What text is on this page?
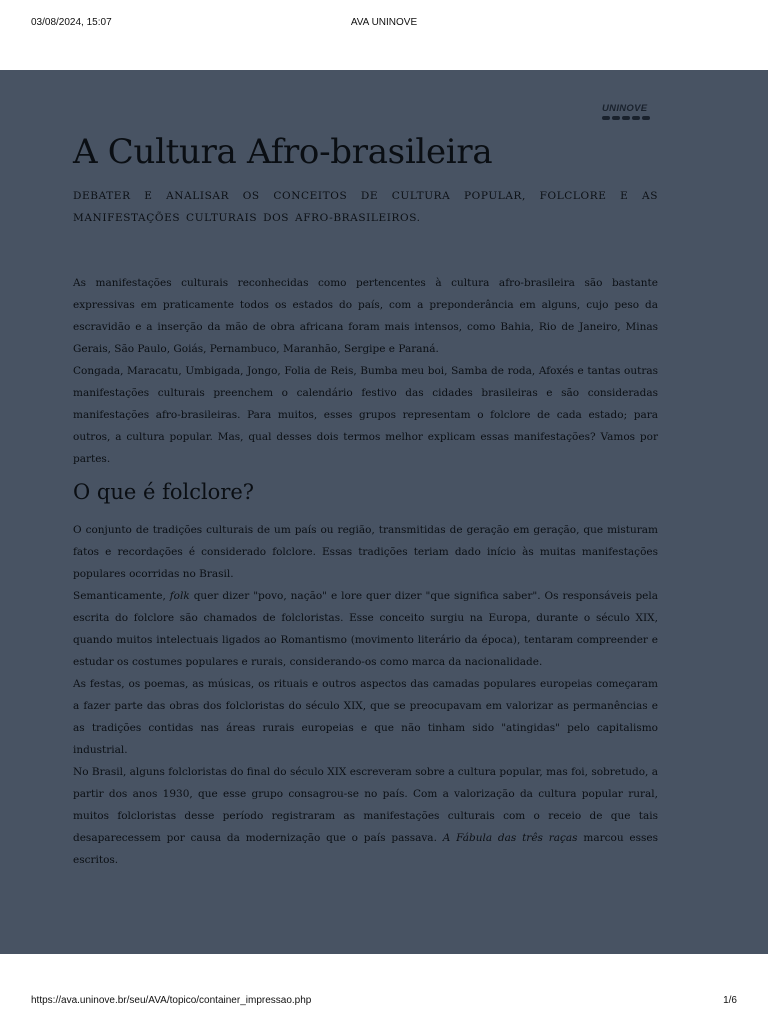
03/08/2024, 15:07	AVA UNINOVE
UNINOVE
A Cultura Afro-brasileira

DEBATER E ANALISAR OS CONCEITOS DE CULTURA POPULAR, FOLCLORE E AS MANIFESTAÇÕES CULTURAIS DOS AFRO-BRASILEIROS.

As manifestações culturais reconhecidas como pertencentes à cultura afro-brasileira são bastante expressivas em praticamente todos os estados do país, com a preponderância em alguns, cujo peso da escravidão e a inserção da mão de obra africana foram mais intensos, como Bahia, Rio de Janeiro, Minas Gerais, São Paulo, Goiás, Pernambuco, Maranhão, Sergipe e Paraná.

Congada, Maracatu, Umbigada, Jongo, Folia de Reis, Bumba meu boi, Samba de roda, Afoxés e tantas outras manifestações culturais preenchem o calendário festivo das cidades brasileiras e são consideradas manifestações afro-brasileiras. Para muitos, esses grupos representam o folclore de cada estado; para outros, a cultura popular. Mas, qual desses dois termos melhor explicam essas manifestações? Vamos por partes.

O que é folclore?

O conjunto de tradições culturais de um país ou região, transmitidas de geração em geração, que misturam fatos e recordações é considerado folclore. Essas tradições teriam dado início às muitas manifestações populares ocorridas no Brasil.

Semanticamente, folk quer dizer "povo, nação" e lore quer dizer "que significa saber". Os responsáveis pela escrita do folclore são chamados de folcloristas. Esse conceito surgiu na Europa, durante o século XIX, quando muitos intelectuais ligados ao Romantismo (movimento literário da época), tentaram compreender e estudar os costumes populares e rurais, considerando-os como marca da nacionalidade.

As festas, os poemas, as músicas, os rituais e outros aspectos das camadas populares europeias começaram a fazer parte das obras dos folcloristas do século XIX, que se preocupavam em valorizar as permanências e as tradições contidas nas áreas rurais europeias e que não tinham sido "atingidas" pelo capitalismo industrial.

No Brasil, alguns folcloristas do final do século XIX escreveram sobre a cultura popular, mas foi, sobretudo, a partir dos anos 1930, que esse grupo consagrou-se no país. Com a valorização da cultura popular rural, muitos folcloristas desse período registraram as manifestações culturais com o receio de que tais desaparecessem por causa da modernização que o país passava. A Fábula das três raças marcou esses escritos.

https://ava.uninove.br/seu/AVA/topico/container_impressao.php	1/6
